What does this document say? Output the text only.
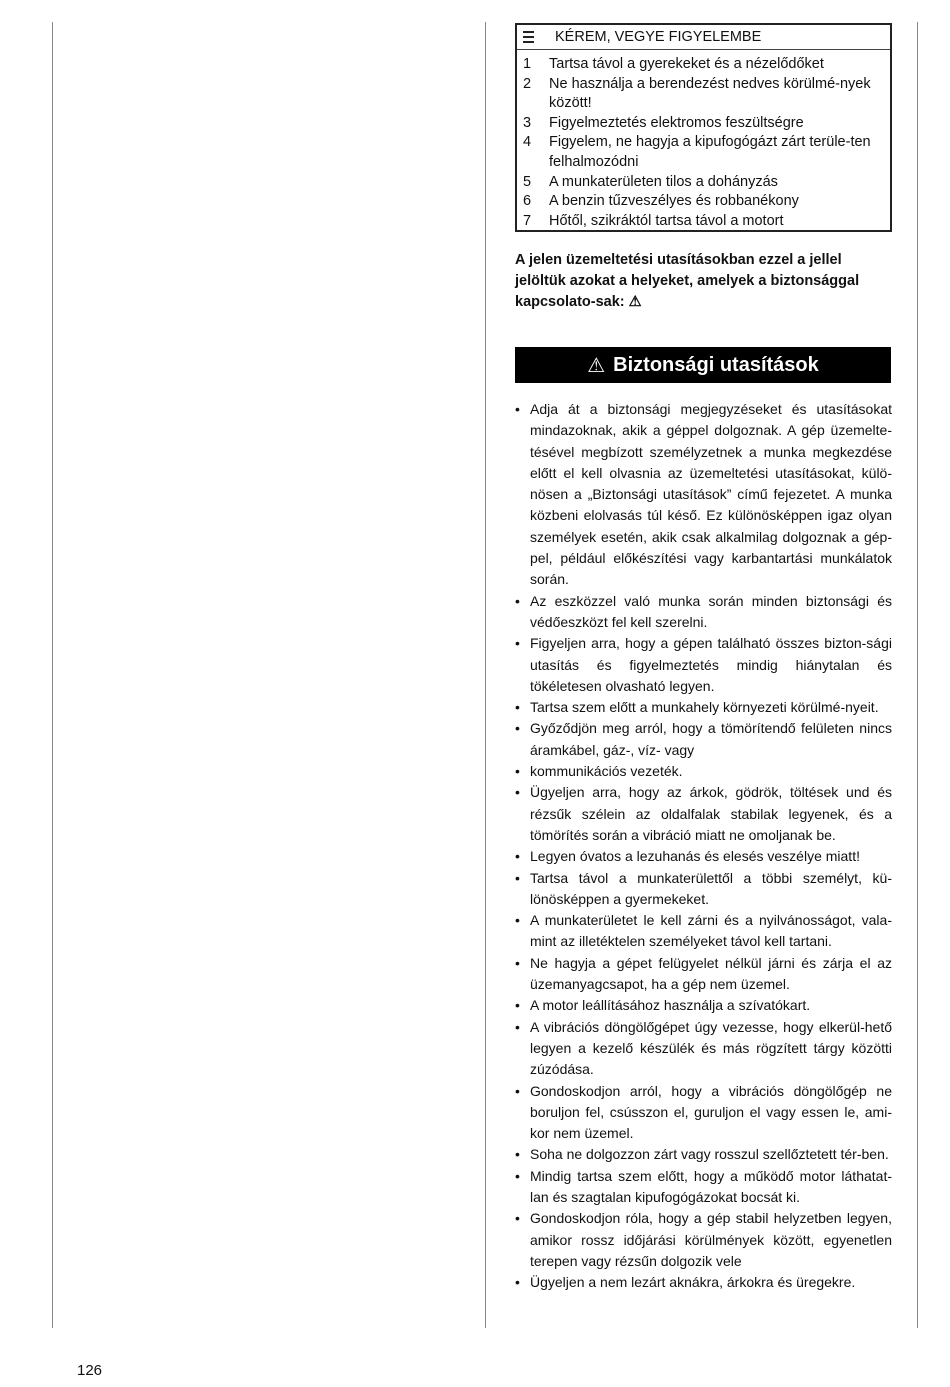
KÉREM, VEGYE FIGYELEMBE
1	Tartsa távol a gyerekeket és a nézelődőket
2	Ne használja a berendezést nedves körülmé-nyek között!
3	Figyelmeztetés elektromos feszültségre
4	Figyelem, ne hagyja a kipufogógázt zárt terüle-ten felhalmozódni
5	A munkaterületen tilos a dohányzás
6	A benzin tűzveszélyes és robbanékony
7	Hőtől, szikráktól tartsa távol a motort

A jelen üzemeltetési utasításokban ezzel a jellel jelöltük azokat a helyeket, amelyek a biztonsággal kapcsolato-sak: ⚠

⚠ Biztonsági utasítások
• Adja át a biztonsági megjegyzéseket és utasításokat mindazoknak, akik a géppel dolgoznak. A gép üzemelte-tésével megbízott személyzetnek a munka megkezdése előtt el kell olvasnia az üzemeltetési utasításokat, külö-nösen a „Biztonsági utasítások” című fejezetet. A munka közbeni elolvasás túl késő. Ez különösképpen igaz olyan személyek esetén, akik csak alkalmilag dolgoznak a gép-pel, például előkészítési vagy karbantartási munkálatok során.
• Az eszközzel való munka során minden biztonsági és védőeszközt fel kell szerelni.
• Figyeljen arra, hogy a gépen található összes bizton-sági utasítás és figyelmeztetés mindig hiánytalan és tökéletesen olvasható legyen.
• Tartsa szem előtt a munkahely környezeti körülmé-nyeit.
• Győződjön meg arról, hogy a tömörítendő felületen nincs áramkábel, gáz-, víz- vagy
• kommunikációs vezeték.
• Ügyeljen arra, hogy az árkok, gödrök, töltések und és rézsűk szélein az oldalfalak stabilak legyenek, és a tömörítés során a vibráció miatt ne omoljanak be.
• Legyen óvatos a lezuhanás és elesés veszélye miatt!
• Tartsa távol a munkaterülettől a többi személyt, kü-lönösképpen a gyermekeket.
• A munkaterületet le kell zárni és a nyilvánosságot, vala-mint az illetéktelen személyeket távol kell tartani.
• Ne hagyja a gépet felügyelet nélkül járni és zárja el az üzemanyagcsapot, ha a gép nem üzemel.
• A motor leállításához használja a szívatókart.
• A vibrációs döngölőgépet úgy vezesse, hogy elkerül-hető legyen a kezelő készülék és más rögzített tárgy közötti zúzódása.
• Gondoskodjon arról, hogy a vibrációs döngölőgép ne boruljon fel, csússzon el, guruljon el vagy essen le, ami-kor nem üzemel.
• Soha ne dolgozzon zárt vagy rosszul szellőztetett tér-ben.
• Mindig tartsa szem előtt, hogy a működő motor láthatat-lan és szagtalan kipufogógázokat bocsát ki.
• Gondoskodjon róla, hogy a gép stabil helyzetben legyen, amikor rossz időjárási körülmények között, egyenetlen terepen vagy rézsűn dolgozik vele
• Ügyeljen a nem lezárt aknákra, árkokra és üregekre.
126
